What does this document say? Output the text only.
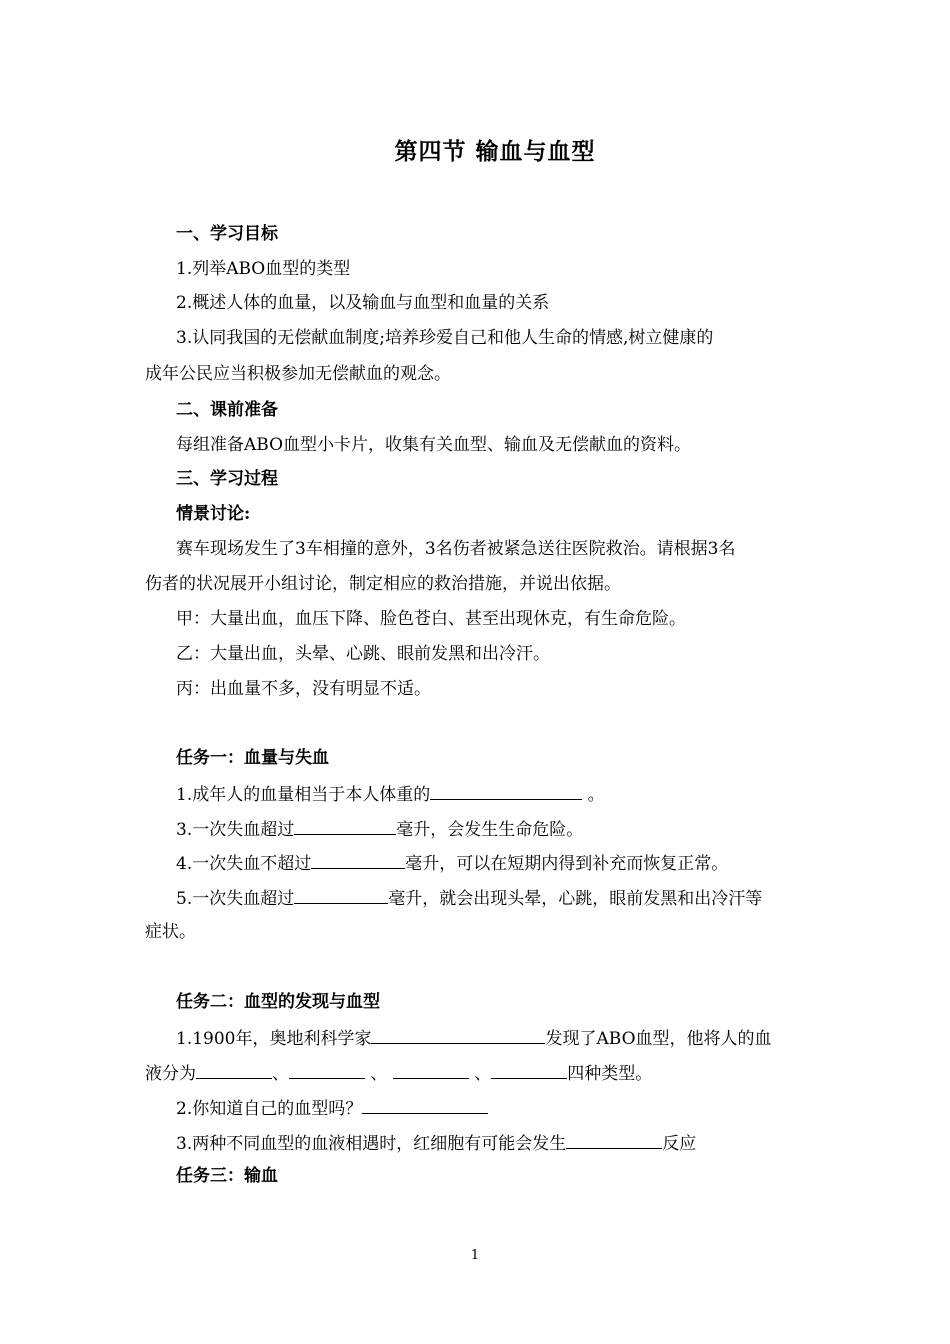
第四节 输血与血型
一、学习目标
1.列举ABO血型的类型
2.概述人体的血量，以及输血与血型和血量的关系
3.认同我国的无偿献血制度;培养珍爱自己和他人生命的情感,树立健康的
成年公民应当积极参加无偿献血的观念。
二、课前准备
每组准备ABO血型小卡片，收集有关血型、输血及无偿献血的资料。
三、学习过程
情景讨论:
赛车现场发生了3车相撞的意外，3名伤者被紧急送往医院救治。请根据3名
伤者的状况展开小组讨论，制定相应的救治措施，并说出依据。
甲：大量出血，血压下降、脸色苍白、甚至出现休克，有生命危险。
乙：大量出血，头晕、心跳、眼前发黑和出冷汗。
丙：出血量不多，没有明显不适。
任务一：血量与失血
1.成年人的血量相当于本人体重的	。
3.一次失血超过	毫升，会发生生命危险。
4.一次失血不超过	毫升，可以在短期内得到补充而恢复正常。
5.一次失血超过	毫升，就会出现头晕，心跳，眼前发黑和出冷汗等
症状。
任务二：血型的发现与血型
1.1900年，奥地利科学家	发现了ABO血型，他将人的血
液分为	、	、	、	四种类型。
2.你知道自己的血型吗？
3.两种不同血型的血液相遇时，红细胞有可能会发生	反应
任务三：输血
1
